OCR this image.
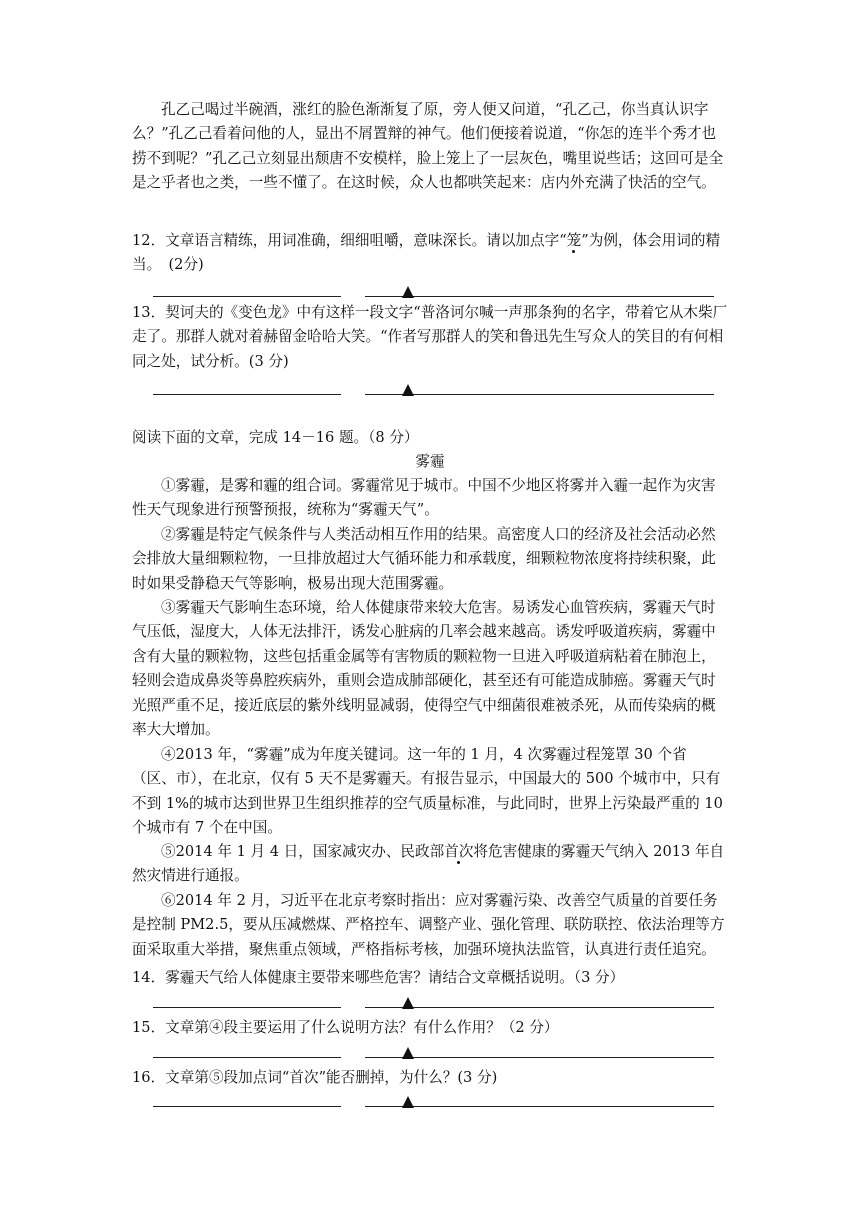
孔乙己喝过半碗酒，涨红的脸色渐渐复了原，旁人便又问道，“孔乙己，你当真认识字么？”孔乙己看着问他的人，显出不屑置辩的神气。他们便接着说道，“你怎的连半个秀才也捞不到呢？”孔乙己立刻显出颓唐不安模样，脸上笼上了一层灰色，嘴里说些话；这回可是全是之乎者也之类，一些不懂了。在这时候，众人也都哄笑起来：店内外充满了快活的空气。
12．文章语言精练，用词准确，细细咀嚼，意味深长。请以加点字“笼”为例，体会用词的精当。　(2分)
13．契诃夫的《变色龙》中有这样一段文字“普洛诃尔喊一声那条狗的名字，带着它从木柴厂走了。那群人就对着赫留金哈哈大笑。“作者写那群人的笑和鲁迅先生写众人的笑目的有何相同之处，试分析。(3 分)
阅读下面的文章，完成 14－16 题。（8 分）
雾霾
①雾霾，是雾和霾的组合词。雾霾常见于城市。中国不少地区将雾并入霾一起作为灾害性天气现象进行预警预报，统称为“雾霾天气”。
②雾霾是特定气候条件与人类活动相互作用的结果。高密度人口的经济及社会活动必然会排放大量细颗粒物，一旦排放超过大气循环能力和承载度，细颗粒物浓度将持续积聚，此时如果受静稳天气等影响，极易出现大范围雾霾。
③雾霾天气影响生态环境，给人体健康带来较大危害。易诱发心血管疾病，雾霾天气时气压低，湿度大，人体无法排汗，诱发心脏病的几率会越来越高。诱发呼吸道疾病，雾霾中含有大量的颗粒物，这些包括重金属等有害物质的颗粒物一旦进入呼吸道病粘着在肺泡上，轻则会造成鼻炎等鼻腔疾病外，重则会造成肺部硬化，甚至还有可能造成肺癌。雾霾天气时光照严重不足，接近底层的紫外线明显减弱，使得空气中细菌很难被杀死，从而传染病的概率大大增加。
④2013 年，“雾霾”成为年度关键词。这一年的 1 月，4 次雾霾过程笼罩 30 个省（区、市），在北京，仅有 5 天不是雾霾天。有报告显示，中国最大的 500 个城市中，只有不到 1%的城市达到世界卫生组织推荐的空气质量标准，与此同时，世界上污染最严重的 10 个城市有 7 个在中国。
⑤2014 年 1 月 4 日，国家减灾办、民政部首次将危害健康的雾霾天气纳入 2013 年自然灾情进行通报。
⑥2014 年 2 月，习近平在北京考察时指出：应对雾霾污染、改善空气质量的首要任务是控制 PM2.5，要从压减燃煤、严格控车、调整产业、强化管理、联防联控、依法治理等方面采取重大举措，聚焦重点领域，严格指标考核，加强环境执法监管，认真进行责任追究。
14．雾霾天气给人体健康主要带来哪些危害？请结合文章概括说明。（3 分）
15．文章第④段主要运用了什么说明方法？有什么作用？（2 分）
16．文章第⑤段加点词“首次”能否删掉，为什么？(3 分)
